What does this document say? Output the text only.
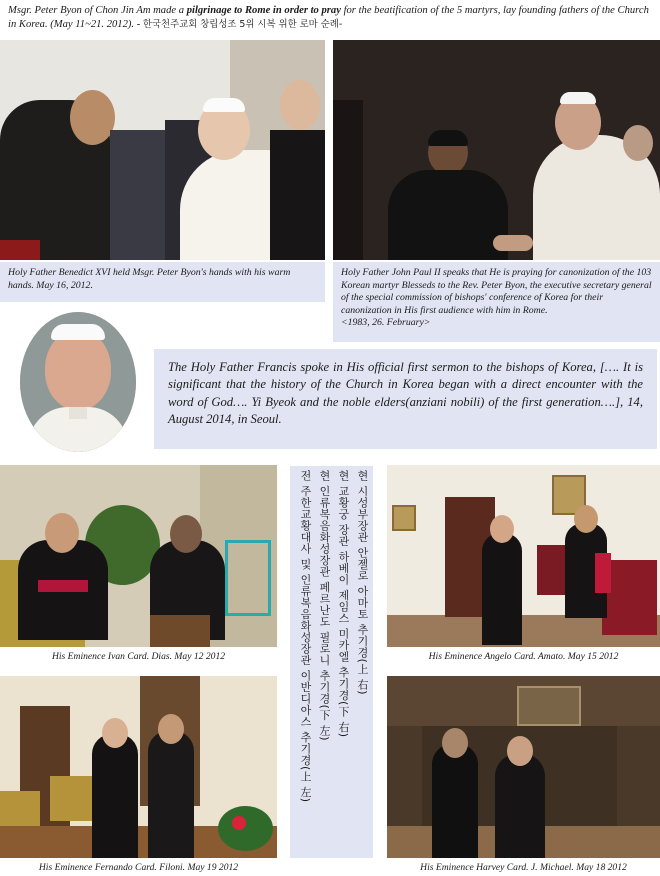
Msgr. Peter Byon of Chon Jin Am made a pilgrinage to Rome in order to pray for the beatification of the 5 martyrs, lay founding fathers of the Church in Korea. (May 11~21. 2012). - 한국천주교회 창립성조 5위 시복 위한 로마 순례-
Holy Father Benedict XVI held Msgr. Peter Byon's hands with his warm hands. May 16, 2012.
Holy Father John Paul II speaks that He is praying for canonization of the 103 Korean martyr Blesseds to the Rev. Peter Byon, the executive secretary general of the special commission of bishops' conference of Korea for their canonization in His first audience with him in Rome.
<1983, 26. February>
The Holy Father Francis spoke in His official first sermon to the bishops of Korea, […. It is significant that the history of the Church in Korea began with a direct encounter with the word of God…. Yi Byeok and the noble elders(anziani nobili) of the first generation….], 14, August 2014, in Seoul.
His Eminence Ivan Card. Dias. May 12 2012	현 시성부장관 안젤로 아마토 추기경(上 右)
현 교황궁 장관 하베이 제임스 미카엘 추기경(下 右)
현 인류복음화성장관 페르난도 필로니 추기경(下 左)
전 주한교황대사 및 인류복음화성장관 이반디아스 추기경(上 左)	His Eminence Angelo Card. Amato. May 15 2012
His Eminence Fernando Card. Filoni. May 19 2012	His Eminence Harvey Card. J. Michael. May 18 2012
